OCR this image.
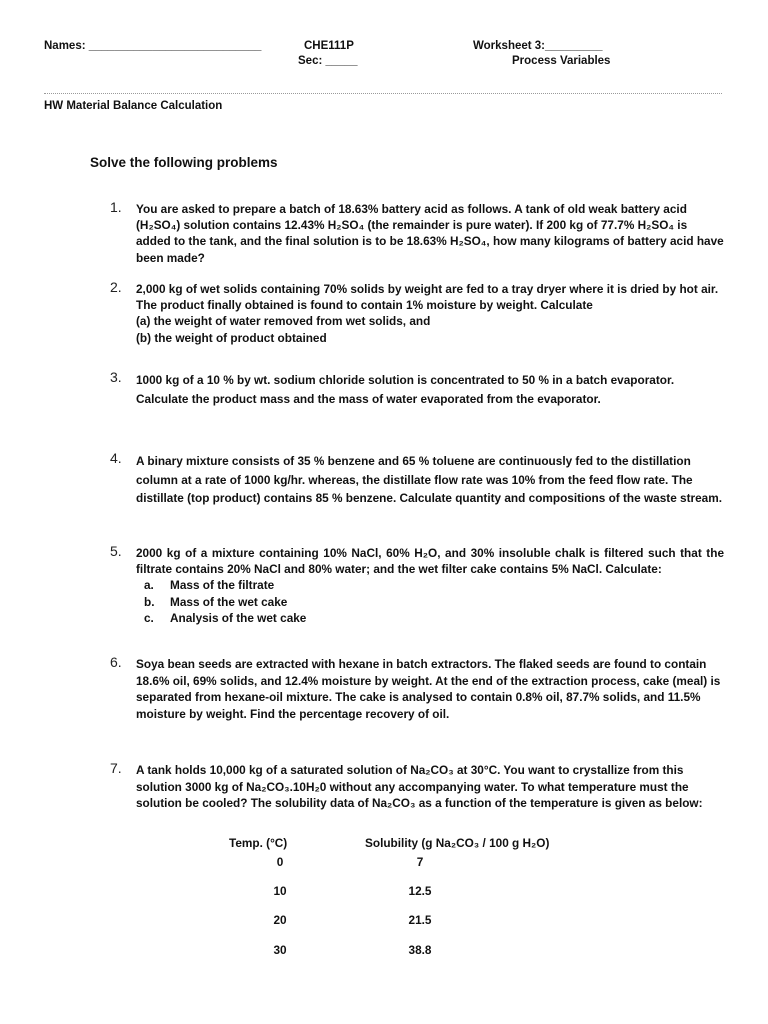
Names: ___________________________	CHE111P
Sec: _____
Worksheet 3:_________
Process Variables
HW Material Balance Calculation
Solve the following problems
1. You are asked to prepare a batch of 18.63% battery acid as follows. A tank of old weak battery acid (H₂SO₄) solution contains 12.43% H₂SO₄ (the remainder is pure water). If 200 kg of 77.7% H₂SO₄ is added to the tank, and the final solution is to be 18.63% H₂SO₄, how many kilograms of battery acid have been made?
2. 2,000 kg of wet solids containing 70% solids by weight are fed to a tray dryer where it is dried by hot air. The product finally obtained is found to contain 1% moisture by weight. Calculate
(a) the weight of water removed from wet solids, and
(b) the weight of product obtained
3. 1000 kg of a 10 % by wt. sodium chloride solution is concentrated to 50 % in a batch evaporator. Calculate the product mass and the mass of water evaporated from the evaporator.
4. A binary mixture consists of 35 % benzene and 65 % toluene are continuously fed to the distillation column at a rate of 1000 kg/hr. whereas, the distillate flow rate was 10% from the feed flow rate. The distillate (top product) contains 85 % benzene. Calculate quantity and compositions of the waste stream.
5. 2000 kg of a mixture containing 10% NaCl, 60% H₂O, and 30% insoluble chalk is filtered such that the filtrate contains 20% NaCl and 80% water; and the wet filter cake contains 5% NaCl. Calculate:
a. Mass of the filtrate
b. Mass of the wet cake
c. Analysis of the wet cake
6. Soya bean seeds are extracted with hexane in batch extractors. The flaked seeds are found to contain 18.6% oil, 69% solids, and 12.4% moisture by weight. At the end of the extraction process, cake (meal) is separated from hexane-oil mixture. The cake is analysed to contain 0.8% oil, 87.7% solids, and 11.5% moisture by weight. Find the percentage recovery of oil.
7. A tank holds 10,000 kg of a saturated solution of Na₂CO₃ at 30°C. You want to crystallize from this solution 3000 kg of Na₂CO₃.10H₂0 without any accompanying water. To what temperature must the solution be cooled? The solubility data of Na₂CO₃ as a function of the temperature is given as below:
Temp. (°C)	Solubility (g Na₂CO₃ / 100 g H₂O)
0	7
10	12.5
20	21.5
30	38.8
